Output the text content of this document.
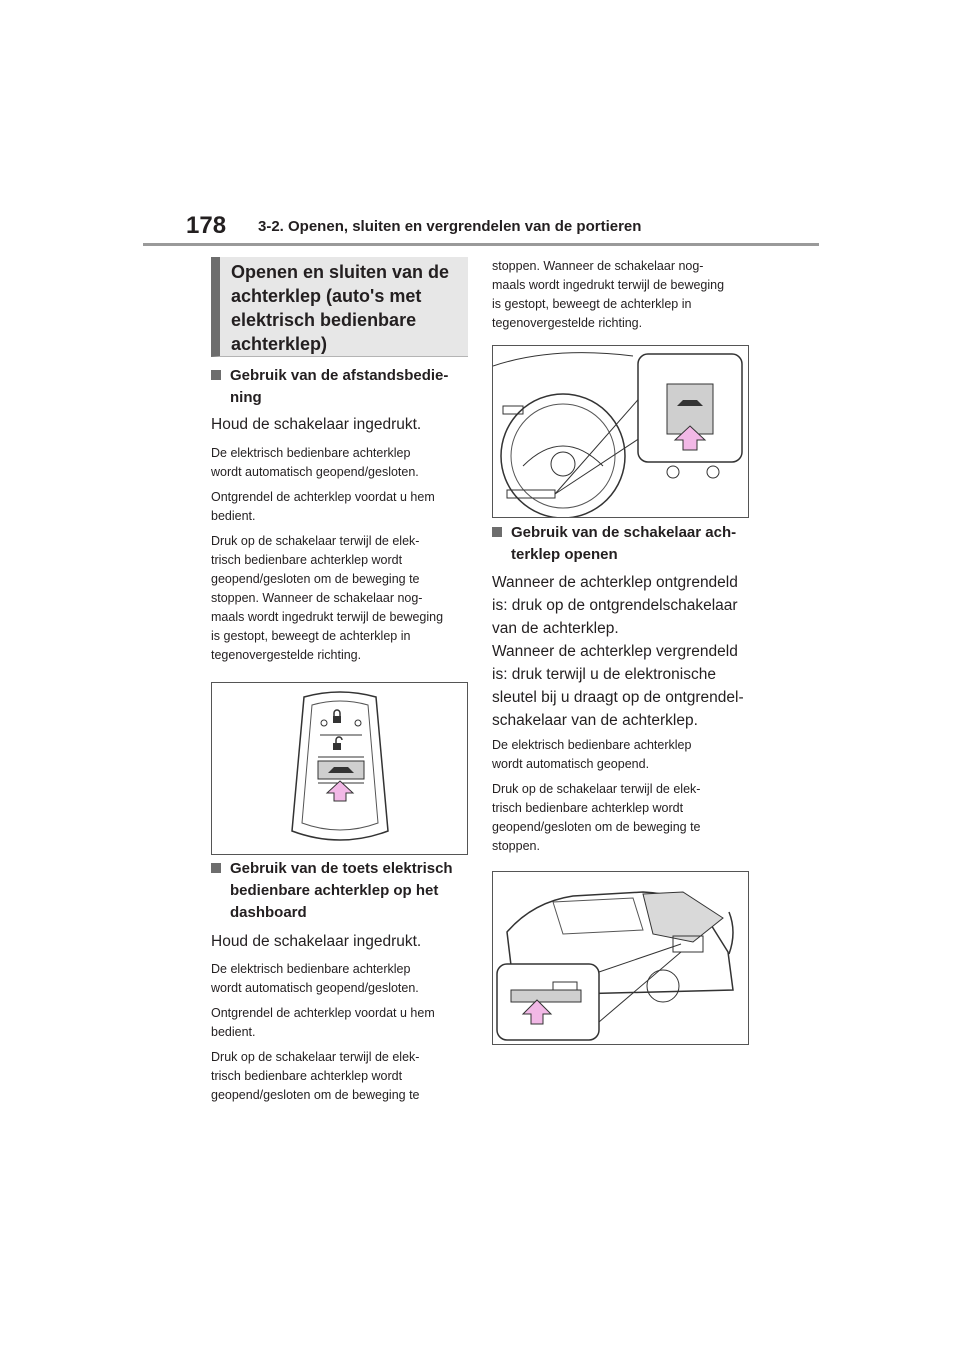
178 3-2. Openen, sluiten en vergrendelen van de portieren
Openen en sluiten van de
achterklep (auto's met
elektrisch bedienbare
achterklep)
Gebruik van de afstandsbedie-
ning

Houd de schakelaar ingedrukt.

De elektrisch bedienbare achterklep

wordt automatisch geopend/gesloten.

Ontgrendel de achterklep voordat u hem

bedient.

Druk op de schakelaar terwijl de elek-

trisch bedienbare achterklep wordt

geopend/gesloten om de beweging te

stoppen. Wanneer de schakelaar nog-

maals wordt ingedrukt terwijl de beweging

is gestopt, beweegt de achterklep in

tegenovergestelde richting.

Gebruik van de toets elektrisch
bedienbare achterklep op het
dashboard

Houd de schakelaar ingedrukt.

De elektrisch bedienbare achterklep

wordt automatisch geopend/gesloten.

Ontgrendel de achterklep voordat u hem

bedient.

Druk op de schakelaar terwijl de elek-

trisch bedienbare achterklep wordt

geopend/gesloten om de beweging te

stoppen. Wanneer de schakelaar nog-

maals wordt ingedrukt terwijl de beweging

is gestopt, beweegt de achterklep in

tegenovergestelde richting.

Gebruik van de schakelaar ach-
terklep openen

Wanneer de achterklep ontgrendeld

is: druk op de ontgrendelschakelaar

van de achterklep.

Wanneer de achterklep vergrendeld

is: druk terwijl u de elektronische

sleutel bij u draagt op de ontgrendel-

schakelaar van de achterklep.

De elektrisch bedienbare achterklep

wordt automatisch geopend.

Druk op de schakelaar terwijl de elek-

trisch bedienbare achterklep wordt

geopend/gesloten om de beweging te

stoppen.
